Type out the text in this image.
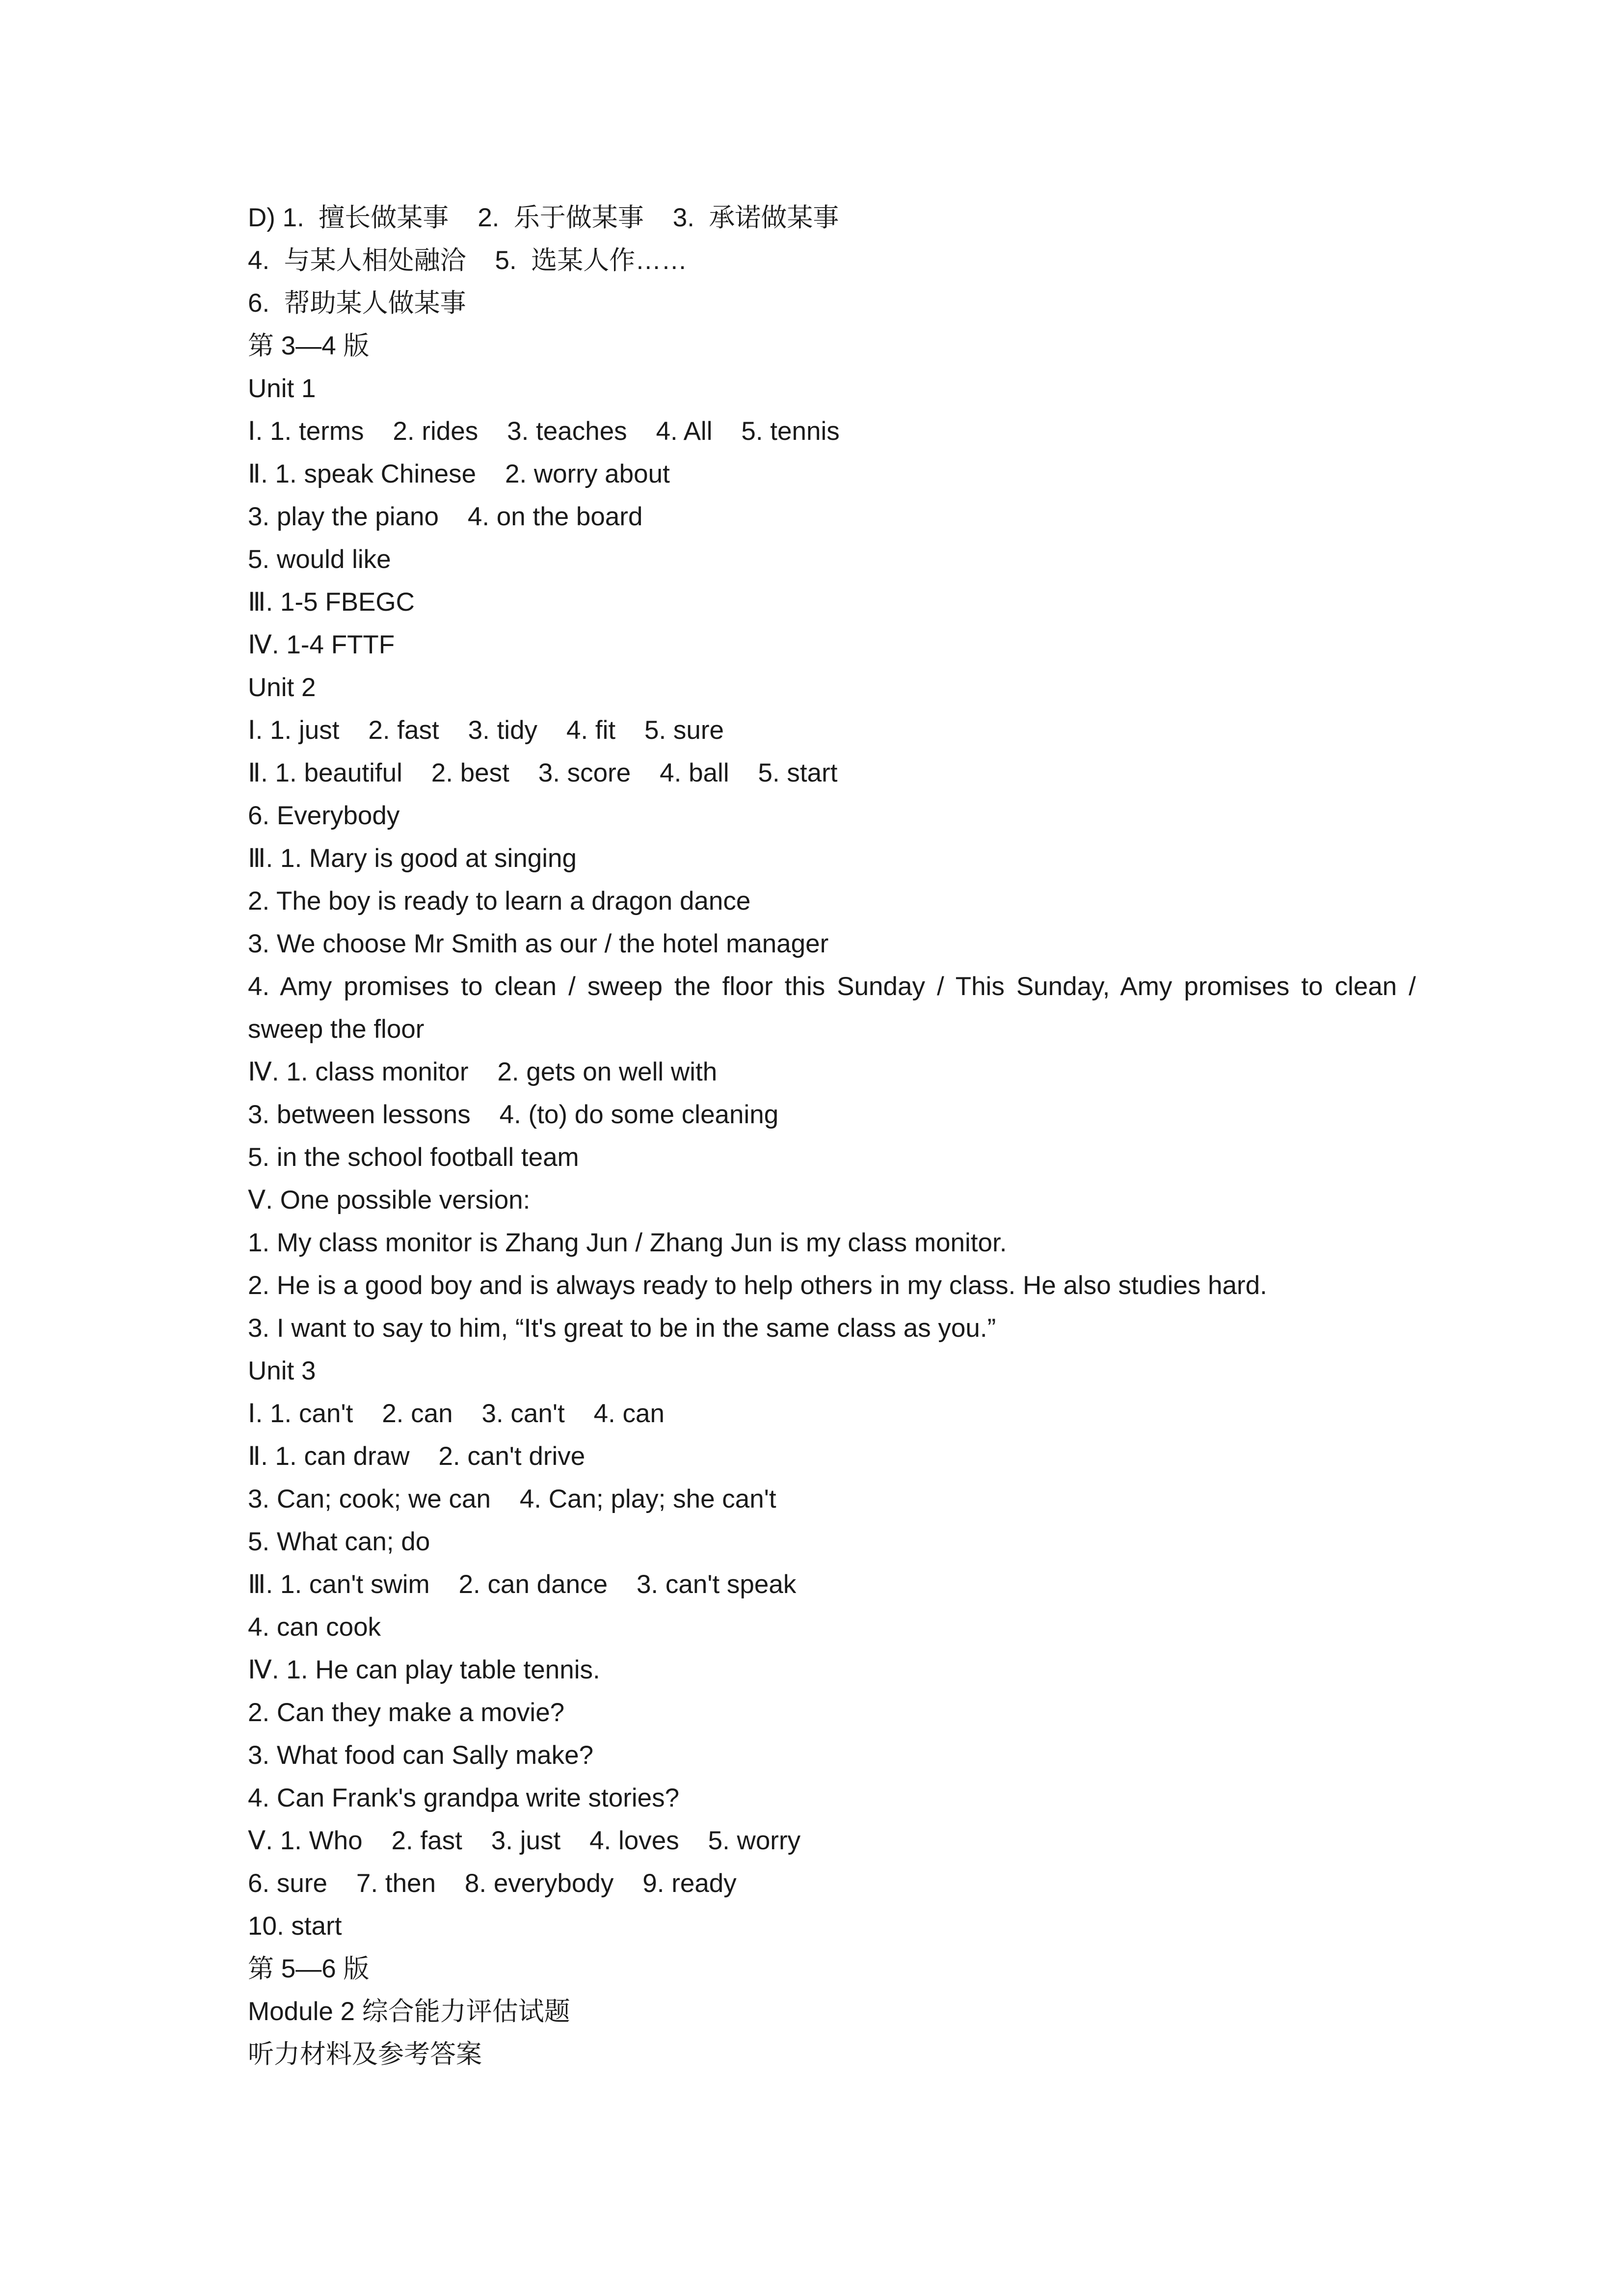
D) 1.  擅长做某事    2.  乐于做某事    3.  承诺做某事

4.  与某人相处融洽    5.  选某人作……

6.  帮助某人做某事

第 3—4 版

Unit 1

Ⅰ. 1. terms    2. rides    3. teaches    4. All    5. tennis

Ⅱ. 1. speak Chinese    2. worry about

3. play the piano    4. on the board

5. would like

Ⅲ. 1-5 FBEGC

Ⅳ. 1-4 FTTF

Unit 2

Ⅰ. 1. just    2. fast    3. tidy    4. fit    5. sure

Ⅱ. 1. beautiful    2. best    3. score    4. ball    5. start

6. Everybody

Ⅲ. 1. Mary is good at singing

2. The boy is ready to learn a dragon dance

3. We choose Mr Smith as our / the hotel manager

4. Amy promises to clean / sweep the floor this Sunday / This Sunday, Amy promises to clean / sweep the floor

Ⅳ. 1. class monitor    2. gets on well with

3. between lessons    4. (to) do some cleaning

5. in the school football team

Ⅴ. One possible version:

1. My class monitor is Zhang Jun / Zhang Jun is my class monitor.

2. He is a good boy and is always ready to help others in my class. He also studies hard.

3. I want to say to him, “It's great to be in the same class as you.”

Unit 3

Ⅰ. 1. can't    2. can    3. can't    4. can

Ⅱ. 1. can draw    2. can't drive

3. Can; cook; we can    4. Can; play; she can't

5. What can; do

Ⅲ. 1. can't swim    2. can dance    3. can't speak

4. can cook

Ⅳ. 1. He can play table tennis.

2. Can they make a movie?

3. What food can Sally make?

4. Can Frank's grandpa write stories?

Ⅴ. 1. Who    2. fast    3. just    4. loves    5. worry

6. sure    7. then    8. everybody    9. ready

10. start

第 5—6 版

Module 2 综合能力评估试题

听力材料及参考答案
